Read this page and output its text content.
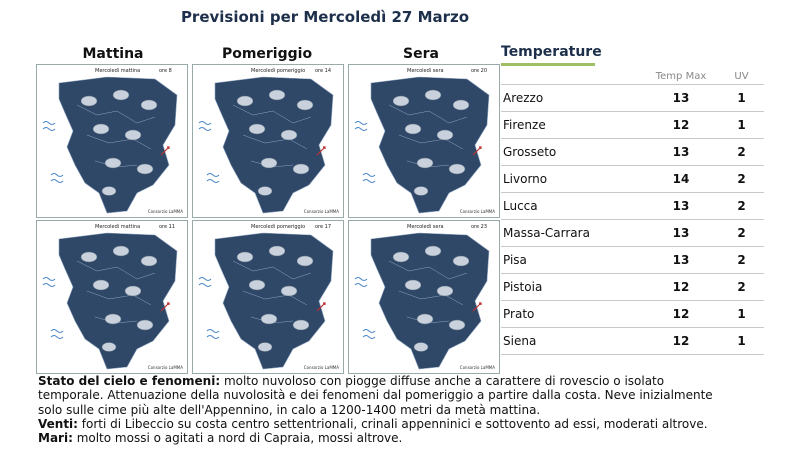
Previsioni per Mercoledì 27 Marzo
Mattina	Pomeriggio	Sera
Mercoledì mattina	ore 8
Consorzio LaMMA
Mercoledì pomeriggio ore 14
Consorzio LaMMA
Mercoledì sera	ore 20
Consorzio LaMMA
Mercoledì mattina	ore 11
Consorzio LaMMA
Mercoledì pomeriggio ore 17
Consorzio LaMMA
Mercoledì sera	ore 23
Consorzio LaMMA
Temperature
Temp Max	UV
Arezzo	13	1
Firenze	12	1
Grosseto	13	2
Livorno	14	2
Lucca	13	2
Massa-Carrara	13	2
Pisa	13	2
Pistoia	12	2
Prato	12	1
Siena	12	1

Stato del cielo e fenomeni: molto nuvoloso con piogge diffuse anche a carattere di rovescio o isolato temporale. Attenuazione della nuvolosità e dei fenomeni dal pomeriggio a partire dalla costa. Neve inizialmente solo sulle cime più alte dell'Appennino, in calo a 1200-1400 metri da metà mattina.

Venti: forti di Libeccio su costa centro settentrionali, crinali appenninici e sottovento ad essi, moderati altrove.

Mari: molto mossi o agitati a nord di Capraia, mossi altrove.
